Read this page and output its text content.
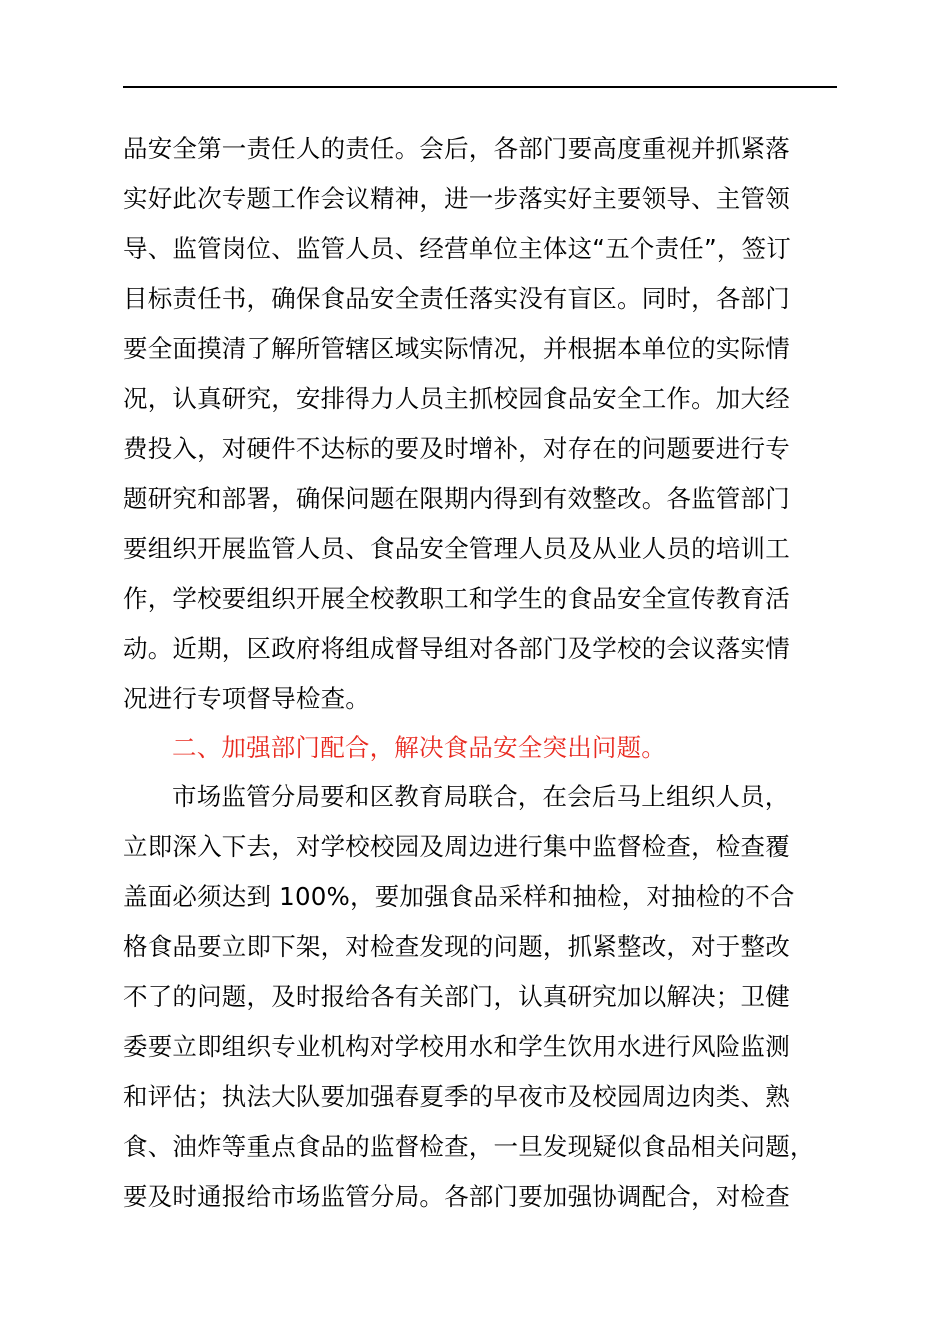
品安全第一责任人的责任。会后，各部门要高度重视并抓紧落
实好此次专题工作会议精神，进一步落实好主要领导、主管领
导、监管岗位、监管人员、经营单位主体这“五个责任”，签订
目标责任书，确保食品安全责任落实没有盲区。同时，各部门
要全面摸清了解所管辖区域实际情况，并根据本单位的实际情
况，认真研究，安排得力人员主抓校园食品安全工作。加大经
费投入，对硬件不达标的要及时增补，对存在的问题要进行专
题研究和部署，确保问题在限期内得到有效整改。各监管部门
要组织开展监管人员、食品安全管理人员及从业人员的培训工
作，学校要组织开展全校教职工和学生的食品安全宣传教育活
动。近期，区政府将组成督导组对各部门及学校的会议落实情
况进行专项督导检查。
二、加强部门配合，解决食品安全突出问题。
市场监管分局要和区教育局联合，在会后马上组织人员，
立即深入下去，对学校校园及周边进行集中监督检查，检查覆
盖面必须达到 100%，要加强食品采样和抽检，对抽检的不合
格食品要立即下架，对检查发现的问题，抓紧整改，对于整改
不了的问题，及时报给各有关部门，认真研究加以解决；卫健
委要立即组织专业机构对学校用水和学生饮用水进行风险监测
和评估；执法大队要加强春夏季的早夜市及校园周边肉类、熟
食、油炸等重点食品的监督检查，一旦发现疑似食品相关问题，
要及时通报给市场监管分局。各部门要加强协调配合，对检查
